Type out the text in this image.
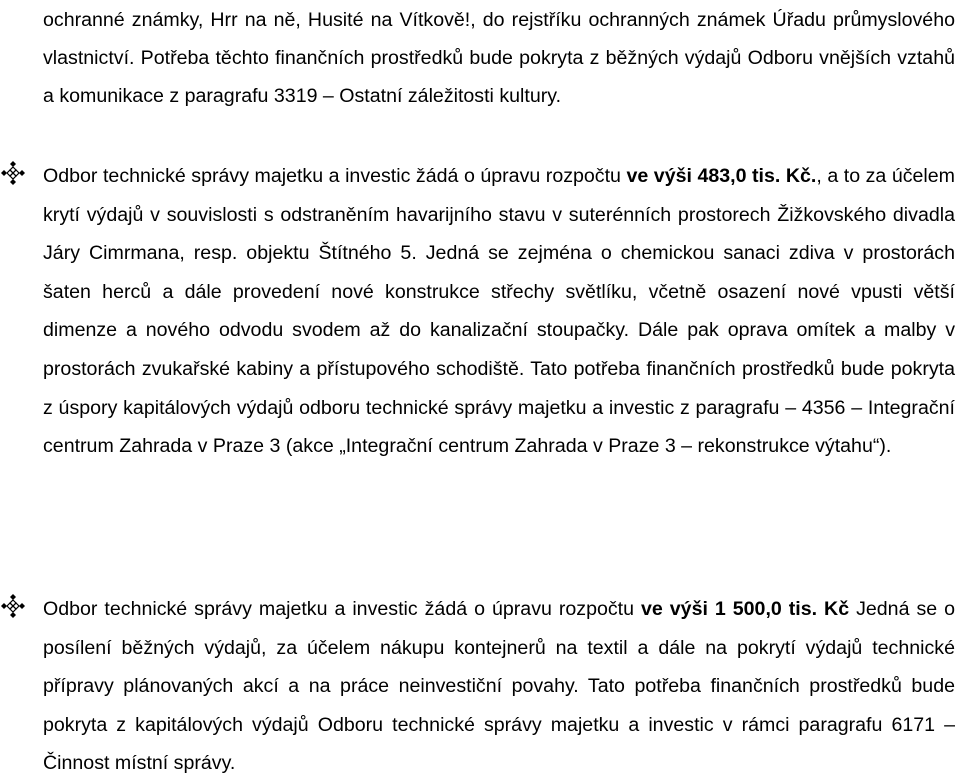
ochranné známky, Hrr na ně, Husité na Vítkově!, do rejstříku ochranných známek Úřadu průmyslového vlastnictví. Potřeba těchto finančních prostředků bude pokryta z běžných výdajů Odboru vnějších vztahů a komunikace z paragrafu 3319 – Ostatní záležitosti kultury.

Odbor technické správy majetku a investic žádá o úpravu rozpočtu ve výši 483,0 tis. Kč., a to za účelem krytí výdajů v souvislosti s odstraněním havarijního stavu v suterénních prostorech Žižkovského divadla Járy Cimrmana, resp. objektu Štítného 5. Jedná se zejména o chemickou sanaci zdiva v prostorách šaten herců a dále provedení nové konstrukce střechy světlíku, včetně osazení nové vpusti větší dimenze a nového odvodu svodem až do kanalizační stoupačky. Dále pak oprava omítek a malby v prostorách zvukařské kabiny a přístupového schodiště. Tato potřeba finančních prostředků bude pokryta z úspory kapitálových výdajů odboru technické správy majetku a investic z paragrafu – 4356 – Integrační centrum Zahrada v Praze 3 (akce „Integrační centrum Zahrada v Praze 3 – rekonstrukce výtahu“).

Odbor technické správy majetku a investic žádá o úpravu rozpočtu ve výši 1 500,0 tis. Kč Jedná se o posílení běžných výdajů, za účelem nákupu kontejnerů na textil a dále na pokrytí výdajů technické přípravy plánovaných akcí a na práce neinvestiční povahy. Tato potřeba finančních prostředků bude pokryta z kapitálových výdajů Odboru technické správy majetku a investic v rámci paragrafu 6171 – Činnost místní správy.
